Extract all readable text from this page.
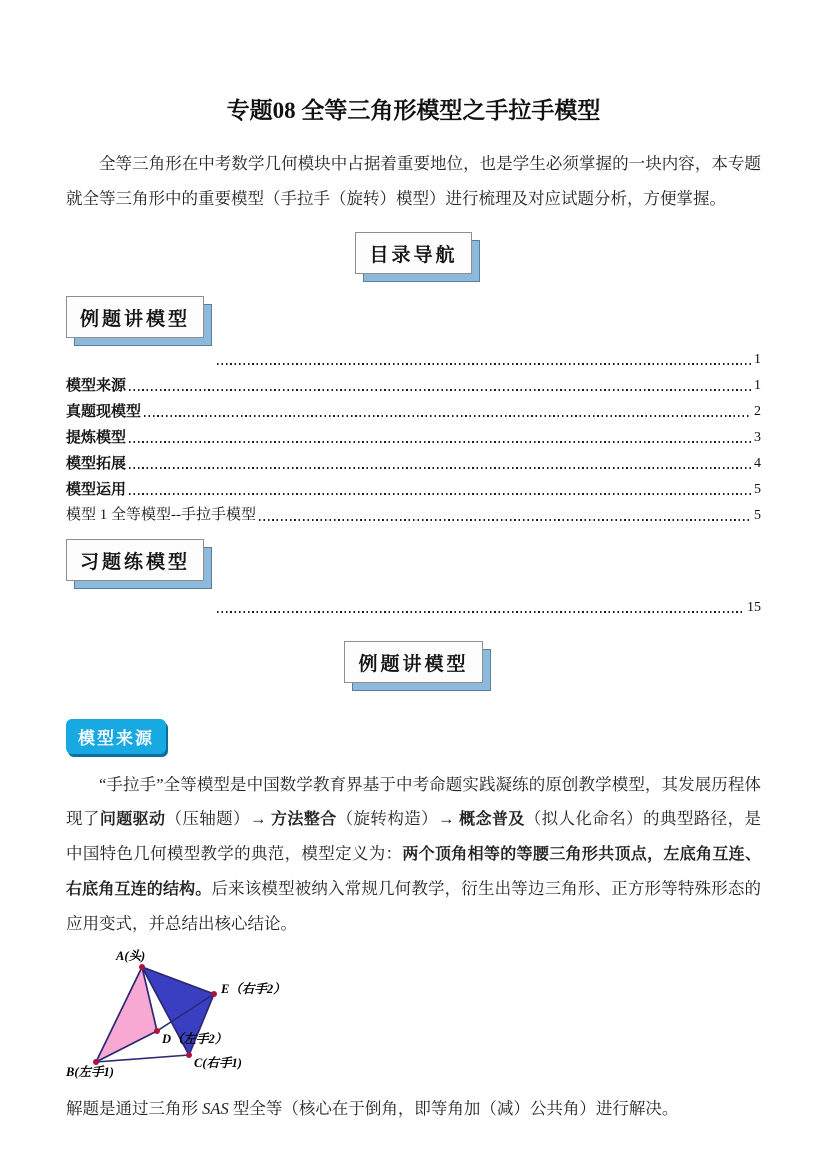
专题08 全等三角形模型之手拉手模型

全等三角形在中考数学几何模块中占据着重要地位，也是学生必须掌握的一块内容，本专题就全等三角形中的重要模型（手拉手（旋转）模型）进行梳理及对应试题分析，方便掌握。

目录导航
例题讲模型
1
模型来源	1
真题现模型	2
提炼模型	3
模型拓展	4
模型运用	5
模型 1 全等模型--手拉手模型	5
习题练模型
15
例题讲模型
模型来源

“手拉手”全等模型是中国数学教育界基于中考命题实践凝练的原创教学模型，其发展历程体现了问题驱动（压轴题）→ 方法整合（旋转构造）→ 概念普及（拟人化命名）的典型路径，是中国特色几何模型教学的典范，模型定义为：两个顶角相等的等腰三角形共顶点，左底角互连、右底角互连的结构。后来该模型被纳入常规几何教学，衍生出等边三角形、正方形等特殊形态的应用变式，并总结出核心结论。

A(头)
B(左手1)
C(右手1)
D（左手2）
E（右手2）

解题是通过三角形 SAS 型全等（核心在于倒角，即等角加（减）公共角）进行解决。
